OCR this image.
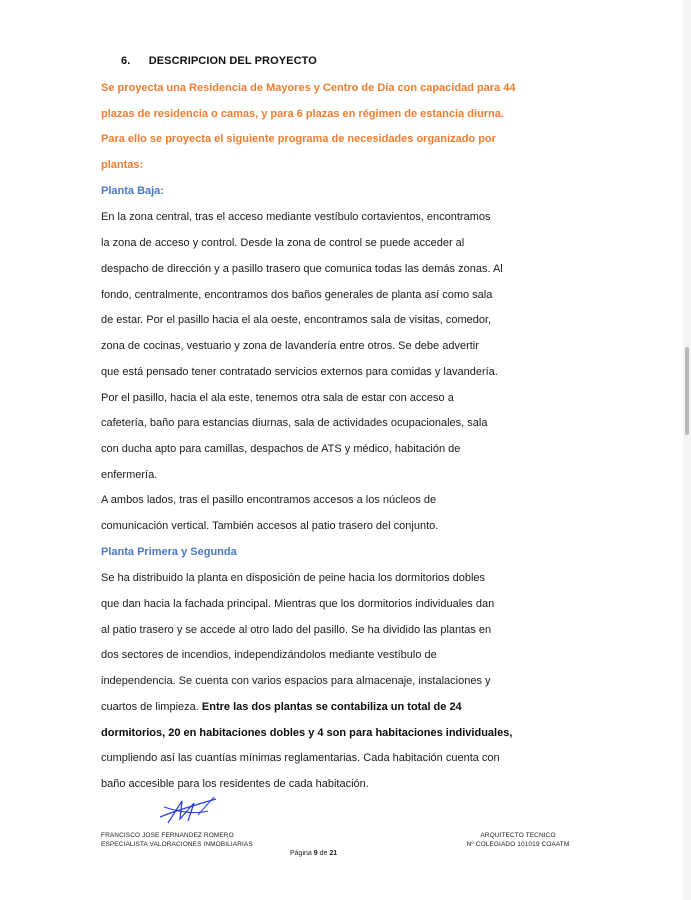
6. DESCRIPCION DEL PROYECTO
Se proyecta una Residencia de Mayores y Centro de Día con capacidad para 44
plazas de residencia o camas, y para 6 plazas en régimen de estancia diurna.
Para ello se proyecta el siguiente programa de necesidades organizado por
plantas:
Planta Baja:
En la zona central, tras el acceso mediante vestíbulo cortavientos, encontramos
la zona de acceso y control. Desde la zona de control se puede acceder al
despacho de dirección y a pasillo trasero que comunica todas las demás zonas. Al
fondo, centralmente, encontramos dos baños generales de planta así como sala
de estar. Por el pasillo hacia el ala oeste, encontramos sala de visitas, comedor,
zona de cocinas, vestuario y zona de lavandería entre otros. Se debe advertir
que está pensado tener contratado servicios externos para comidas y lavandería.
Por el pasillo, hacia el ala este, tenemos otra sala de estar con acceso a
cafetería, baño para estancias diurnas, sala de actividades ocupacionales, sala
con ducha apto para camillas, despachos de ATS y médico, habitación de
enfermería.
A ambos lados, tras el pasillo encontramos accesos a los núcleos de
comunicación vertical. También accesos al patio trasero del conjunto.
Planta Primera y Segunda
Se ha distribuido la planta en disposición de peine hacia los dormitorios dobles
que dan hacia la fachada principal. Mientras que los dormitorios individuales dan
al patio trasero y se accede al otro lado del pasillo. Se ha dividido las plantas en
dos sectores de incendios, independizándolos mediante vestíbulo de
independencia. Se cuenta con varios espacios para almacenaje, instalaciones y
cuartos de limpieza. Entre las dos plantas se contabiliza un total de 24
dormitorios, 20 en habitaciones dobles y 4 son para habitaciones individuales,
cumpliendo así las cuantías mínimas reglamentarias. Cada habitación cuenta con
baño accesible para los residentes de cada habitación.
FRANCISCO JOSE FERNANDEZ ROMERO
ESPECIALISTA VALORACIONES INMOBILIARIAS
ARQUITECTO TECNICO
Nº COLEGIADO 101019 COAATM
Página 9 de 21
